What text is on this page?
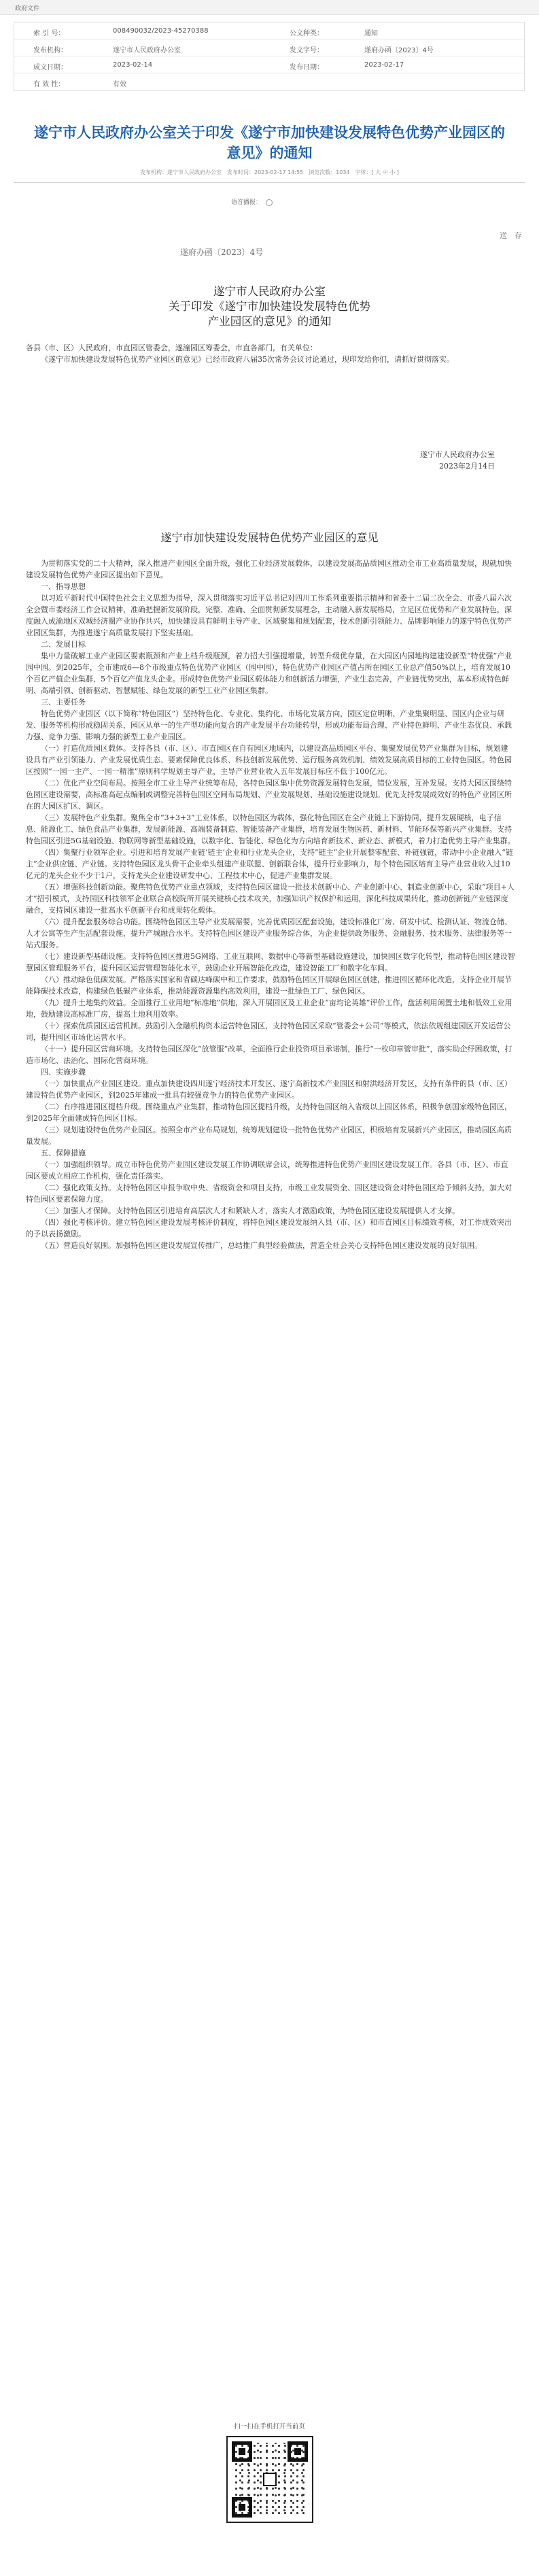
政府文件
索 引 号：	008490032/2023-45270388	公文种类：	通知
发布机构：	遂宁市人民政府办公室	发文字号：	遂府办函〔2023〕4号
成文日期：	2023-02-14	发布日期：	2023-02-17
有 效 性：	有效
遂宁市人民政府办公室关于印发《遂宁市加快建设发展特色优势产业园区的意见》的通知
发布机构：遂宁市人民政府办公室　发布时间：2023-02-17 14:55　浏览次数：1034　字体：[ 大 中 小 ]
语音播报：
送　存
遂府办函〔2023〕4号
遂宁市人民政府办公室
关于印发《遂宁市加快建设发展特色优势
产业园区的意见》的通知
各县（市、区）人民政府，市直园区管委会，遂潼园区筹委会，市直各部门，有关单位：

《遂宁市加快建设发展特色优势产业园区的意见》已经市政府八届35次常务会议讨论通过，现印发给你们，请抓好贯彻落实。

遂宁市人民政府办公室
2023年2月14日
遂宁市加快建设发展特色优势产业园区的意见

为贯彻落实党的二十大精神，深入推进产业园区全面升级，强化工业经济发展载体，以建设发展高品质园区推动全市工业高质量发展，现就加快建设发展特色优势产业园区提出如下意见。

一、指导思想

以习近平新时代中国特色社会主义思想为指导，深入贯彻落实习近平总书记对四川工作系列重要指示精神和省委十二届二次全会、市委八届六次全会暨市委经济工作会议精神，准确把握新发展阶段，完整、准确、全面贯彻新发展理念，主动融入新发展格局，立足区位优势和产业发展特色，深度融入成渝地区双城经济圈产业协作共兴，加快建设具有鲜明主导产业、区域聚集和规划配套，技术创新引领能力、品牌影响能力的遂宁特色优势产业园区集群，为推进遂宁高质量发展打下坚实基础。

二、发展目标

集中力量破解工业产业园区要素瓶颈和产业上档升级瓶颈，着力招大引强提增量，转型升级优存量，在大园区内园地构建建设新型“特优强”产业园中园。到2025年，全市建成6—8个市级重点特色优势产业园区（园中园），特色优势产业园区产值占所在园区工业总产值50%以上，培育发展10个百亿产值企业集群，5个百亿产值龙头企业。形成特色优势产业园区载体能力和创新活力增强，产业生态完善，产业链优势突出，基本形成特色鲜明、高端引领、创新驱动、智慧赋能、绿色发展的新型工业产业园区集群。

三、主要任务

特色优势产业园区（以下简称“特色园区”）坚持特色化、专业化、集约化、市场化发展方向，园区定位明晰、产业集聚明显、园区内企业与研发、服务等机构形成稳固关系，园区从单一的生产型功能向复合的产业发展平台功能转型，形成功能布局合理、产业特色鲜明、产业生态优良、承载力强、竞争力强、影响力强的新型工业产业园区。

（一）打造优质园区载体。支持各县（市、区）、市直园区在自有园区地域内，以建设高品质园区平台、集聚发展优势产业集群为目标，规划建设具有产业引领能力、产业发展优质生态、要素保障优良体系、科技创新发展优势、运行服务高效机制、绩效发展高质目标的工业特色园区。特色园区按照“一园一主产、一园一精准”原则科学规划主导产业，主导产业营业收入五年发展目标应不低于100亿元。

（二）优化产业空间布局。按照全市工业主导产业统筹布局，各特色园区集中优势资源发展特色发展，错位发展，互补发展。支持大园区围绕特色园区建设需要，高标准高起点编制或调整完善特色园区空间布局规划、产业发展规划、基础设施建设规划。优先支持发展成效好的特色产业园区所在的大园区扩区、调区。

（三）发展特色产业集群。聚焦全市“3+3+3”工业体系，以特色园区为载体，强化特色园区在全产业链上下游协同，提升发展硬核，电子信息、能源化工、绿色食品产业集群，发展新能源、高端装备制造、智能装备产业集群，培育发展生物医药、新材料、节能环保等新兴产业集群。支持特色园区引进5G基础设施、物联网等新型基础设施，以数字化、智能化、绿色化为方向培育新技术、新业态、新模式，着力打造优势主导产业集群。

（四）集聚行业领军企业。引进和培育发展产业链‘链主’企业和行业龙头企业，支持“链主”企业开展整零配套、补链强链，带动中小企业融入“链主”企业供应链、产业链。支持特色园区龙头骨干企业牵头组建产业联盟、创新联合体，提升行业影响力，每个特色园区培育主导产业营业收入过10亿元的龙头企业不少于1户，支持龙头企业建设研发中心、工程技术中心，促进产业集群发展。

（五）增强科技创新动能。聚焦特色优势产业重点领域，支持特色园区建设一批技术创新中心、产业创新中心、制造业创新中心，采取“项目+人才”招引模式，支持园区科技领军企业联合高校院所开展关键核心技术攻关，加强知识产权保护和运用，深化科技成果转化，推动创新链产业链深度融合，支持园区建设一批高水平创新平台和成果转化载体。

（六）提升配套服务综合功能。围绕特色园区主导产业发展需要，完善优质园区配套设施，建设标准化厂房、研发中试、检测认证、物流仓储、人才公寓等生产生活配套设施，提升产城融合水平。支持特色园区建设产业服务综合体，为企业提供政务服务、金融服务、技术服务、法律服务等一站式服务。

（七）建设新型基础设施。支持特色园区推进5G网络、工业互联网、数据中心等新型基础设施建设，加快园区数字化转型，推动特色园区建设智慧园区管理服务平台，提升园区运营管理智能化水平，鼓励企业开展智能化改造，建设智能工厂和数字化车间。

（八）推动绿色低碳发展。严格落实国家和省碳达峰碳中和工作要求，鼓励特色园区开展绿色园区创建，推进园区循环化改造，支持企业开展节能降碳技术改造，构建绿色低碳产业体系，推动能源资源集约高效利用，建设一批绿色工厂、绿色园区。

（九）提升土地集约效益。全面推行工业用地“标准地”供地，深入开展园区及工业企业“亩均论英雄”评价工作，盘活利用闲置土地和低效工业用地，鼓励建设高标准厂房，提高土地利用效率。

（十）探索优质园区运营机制。鼓励引入金融机构资本运营特色园区，支持特色园区采取“管委会+公司”等模式，依法依规组建园区开发运营公司，提升园区市场化运营水平。

（十一）提升园区营商环境。支持特色园区深化“放管服”改革，全面推行企业投资项目承诺制，推行“一枚印章管审批”，落实助企纾困政策，打造市场化、法治化、国际化营商环境。

四、实施步骤

（一）加快重点产业园区建设。重点加快建设四川遂宁经济技术开发区、遂宁高新技术产业园区和射洪经济开发区，支持有条件的县（市、区）建设特色优势产业园区，到2025年建成一批具有较强竞争力的特色优势产业园区。

（二）有序推进园区提档升级。围绕重点产业集群，推动特色园区提档升级，支持特色园区纳入省级以上园区体系，积极争创国家级特色园区，到2025年全面建成特色园区目标。

（三）规划建设特色优势产业园区。按照全市产业布局规划，统筹规划建设一批特色优势产业园区，积极培育发展新兴产业园区，推动园区高质量发展。

五、保障措施

（一）加强组织领导。成立市特色优势产业园区建设发展工作协调联席会议，统筹推进特色优势产业园区建设发展工作。各县（市、区）、市直园区要成立相应工作机构，强化责任落实。

（二）强化政策支持。支持特色园区申报争取中央、省级资金和项目支持，市级工业发展资金、园区建设资金对特色园区给予倾斜支持，加大对特色园区要素保障力度。

（三）加强人才保障。支持特色园区引进培育高层次人才和紧缺人才，落实人才激励政策，为特色园区建设发展提供人才支撑。

（四）强化考核评价。建立特色园区建设发展考核评价制度，将特色园区建设发展纳入县（市、区）和市直园区目标绩效考核，对工作成效突出的予以表扬激励。

（五）营造良好氛围。加强特色园区建设发展宣传推广，总结推广典型经验做法，营造全社会关心支持特色园区建设发展的良好氛围。

扫一扫在手机打开当前页
